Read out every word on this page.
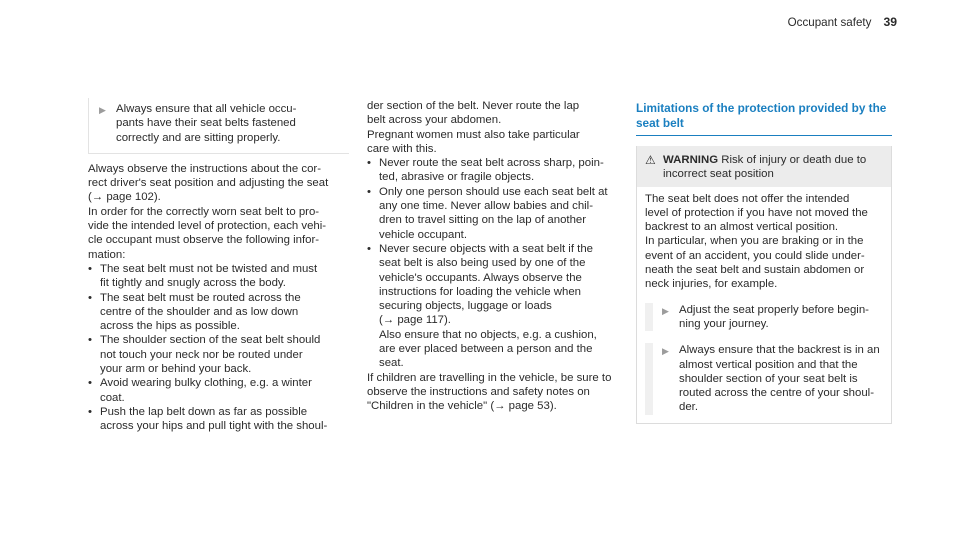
Occupant safety 39
▶ Always ensure that all vehicle occu-

pants have their seat belts fastened

correctly and are sitting properly.

Always observe the instructions about the cor-

rect driver's seat position and adjusting the seat

(→ page 102).

In order for the correctly worn seat belt to pro-

vide the intended level of protection, each vehi-

cle occupant must observe the following infor-

mation:

• The seat belt must not be twisted and must

fit tightly and snugly across the body.

• The seat belt must be routed across the

centre of the shoulder and as low down

across the hips as possible.

• The shoulder section of the seat belt should

not touch your neck nor be routed under

your arm or behind your back.

• Avoid wearing bulky clothing, e.g. a winter

coat.

• Push the lap belt down as far as possible

across your hips and pull tight with the shoul-

der section of the belt. Never route the lap

belt across your abdomen.

Pregnant women must also take particular

care with this.

• Never route the seat belt across sharp, poin-

ted, abrasive or fragile objects.

• Only one person should use each seat belt at

any one time. Never allow babies and chil-

dren to travel sitting on the lap of another

vehicle occupant.

• Never secure objects with a seat belt if the

seat belt is also being used by one of the

vehicle's occupants. Always observe the

instructions for loading the vehicle when

securing objects, luggage or loads

(→ page 117).

Also ensure that no objects, e.g. a cushion,

are ever placed between a person and the

seat.

If children are travelling in the vehicle, be sure to

observe the instructions and safety notes on

"Children in the vehicle" (→ page 53).

Limitations of the protection provided by the

seat belt

⚠ WARNING Risk of injury or death due to

incorrect seat position

The seat belt does not offer the intended

level of protection if you have not moved the

backrest to an almost vertical position.

In particular, when you are braking or in the

event of an accident, you could slide under-

neath the seat belt and sustain abdomen or

neck injuries, for example.

▶ Adjust the seat properly before begin-

ning your journey.

▶ Always ensure that the backrest is in an

almost vertical position and that the

shoulder section of your seat belt is

routed across the centre of your shoul-

der.
